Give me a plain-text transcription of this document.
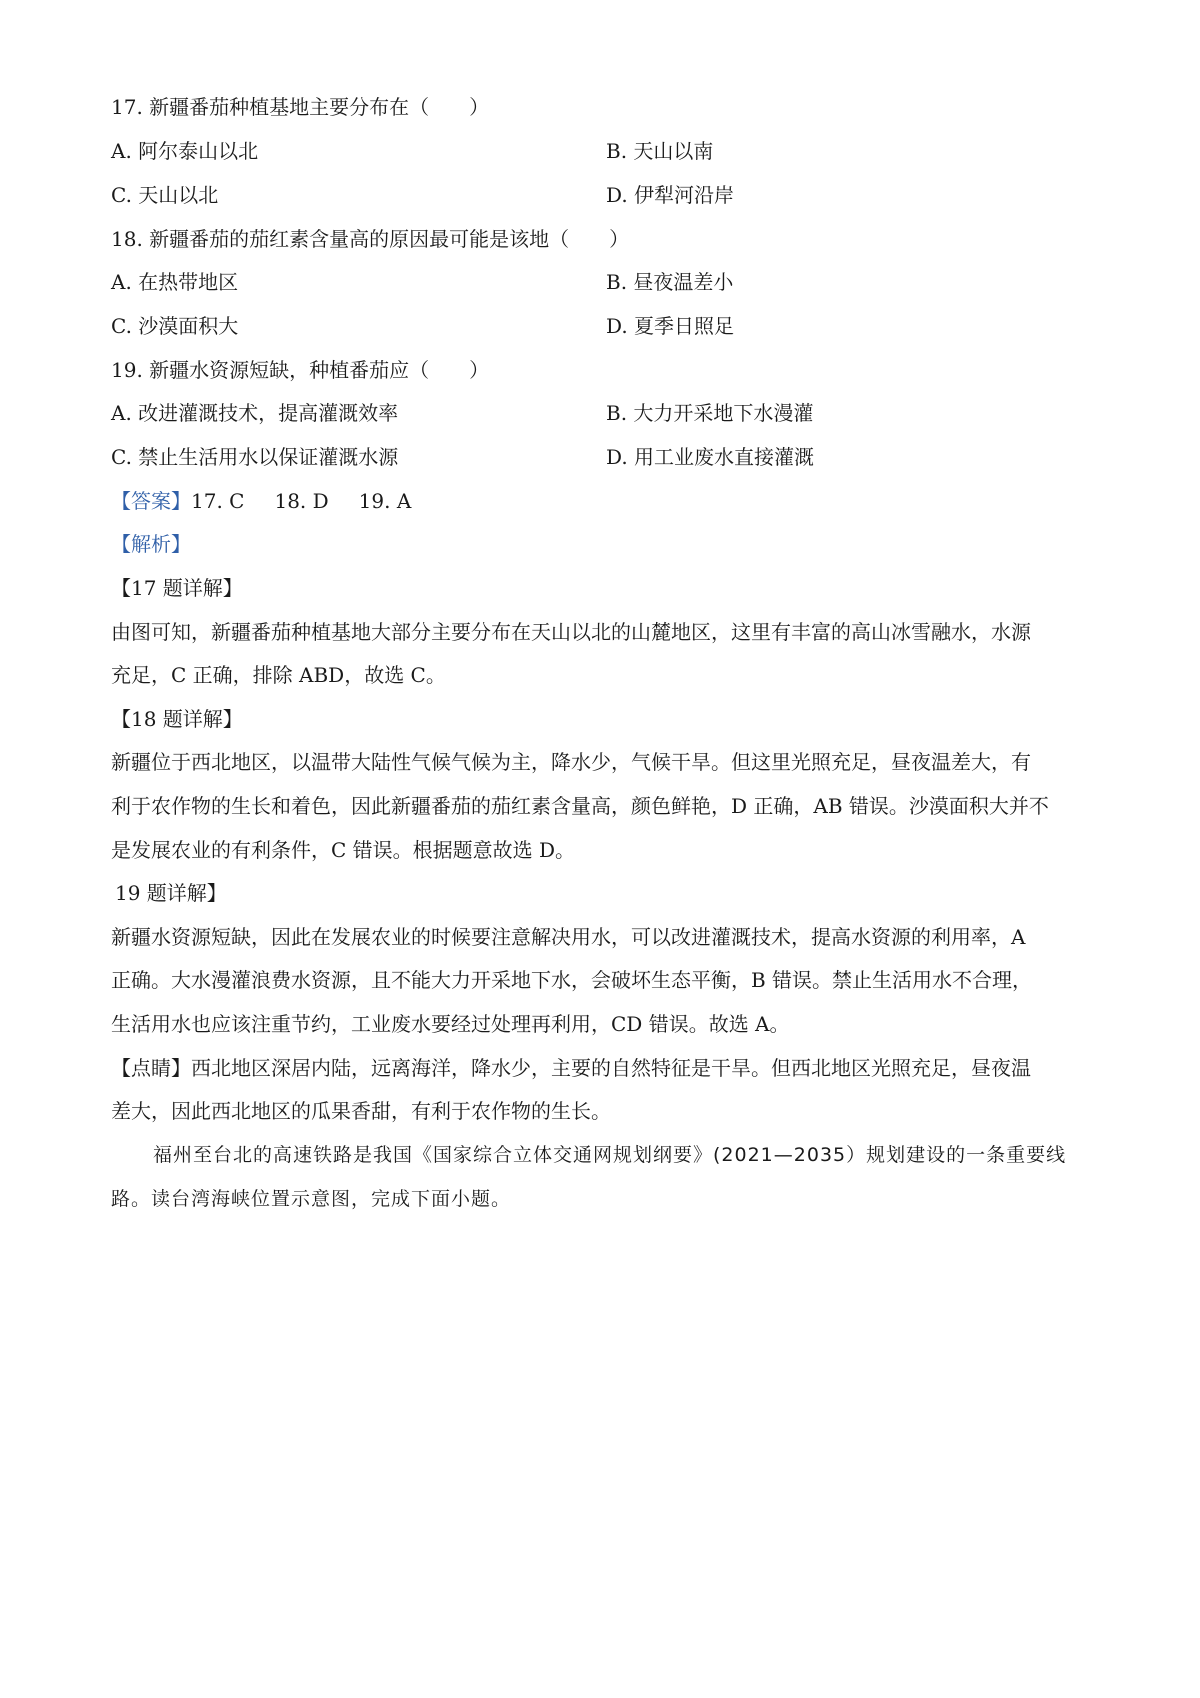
17. 新疆番茄种植基地主要分布在（　　）
A. 阿尔泰山以北	B. 天山以南
C. 天山以北	D. 伊犁河沿岸
18. 新疆番茄的茄红素含量高的原因最可能是该地（　　）
A. 在热带地区	B. 昼夜温差小
C. 沙漠面积大	D. 夏季日照足
19. 新疆水资源短缺，种植番茄应（　　）
A. 改进灌溉技术，提高灌溉效率	B. 大力开采地下水漫灌
C. 禁止生活用水以保证灌溉水源	D. 用工业废水直接灌溉
【答案】17. C 18. D 19. A
【解析】
【17 题详解】
由图可知，新疆番茄种植基地大部分主要分布在天山以北的山麓地区，这里有丰富的高山冰雪融水，水源
充足，C 正确，排除 ABD，故选 C。
【18 题详解】
新疆位于西北地区，以温带大陆性气候气候为主，降水少，气候干旱。但这里光照充足，昼夜温差大，有
利于农作物的生长和着色，因此新疆番茄的茄红素含量高，颜色鲜艳，D 正确，AB 错误。沙漠面积大并不
是发展农业的有利条件，C 错误。根据题意故选 D。
19 题详解】
新疆水资源短缺，因此在发展农业的时候要注意解决用水，可以改进灌溉技术，提高水资源的利用率，A
正确。大水漫灌浪费水资源，且不能大力开采地下水，会破坏生态平衡，B 错误。禁止生活用水不合理，
生活用水也应该注重节约，工业废水要经过处理再利用，CD 错误。故选 A。
【点睛】西北地区深居内陆，远离海洋，降水少，主要的自然特征是干旱。但西北地区光照充足，昼夜温
差大，因此西北地区的瓜果香甜，有利于农作物的生长。
福州至台北的高速铁路是我国《国家综合立体交通网规划纲要》(2021—2035）规划建设的一条重要线
路。读台湾海峡位置示意图，完成下面小题。
